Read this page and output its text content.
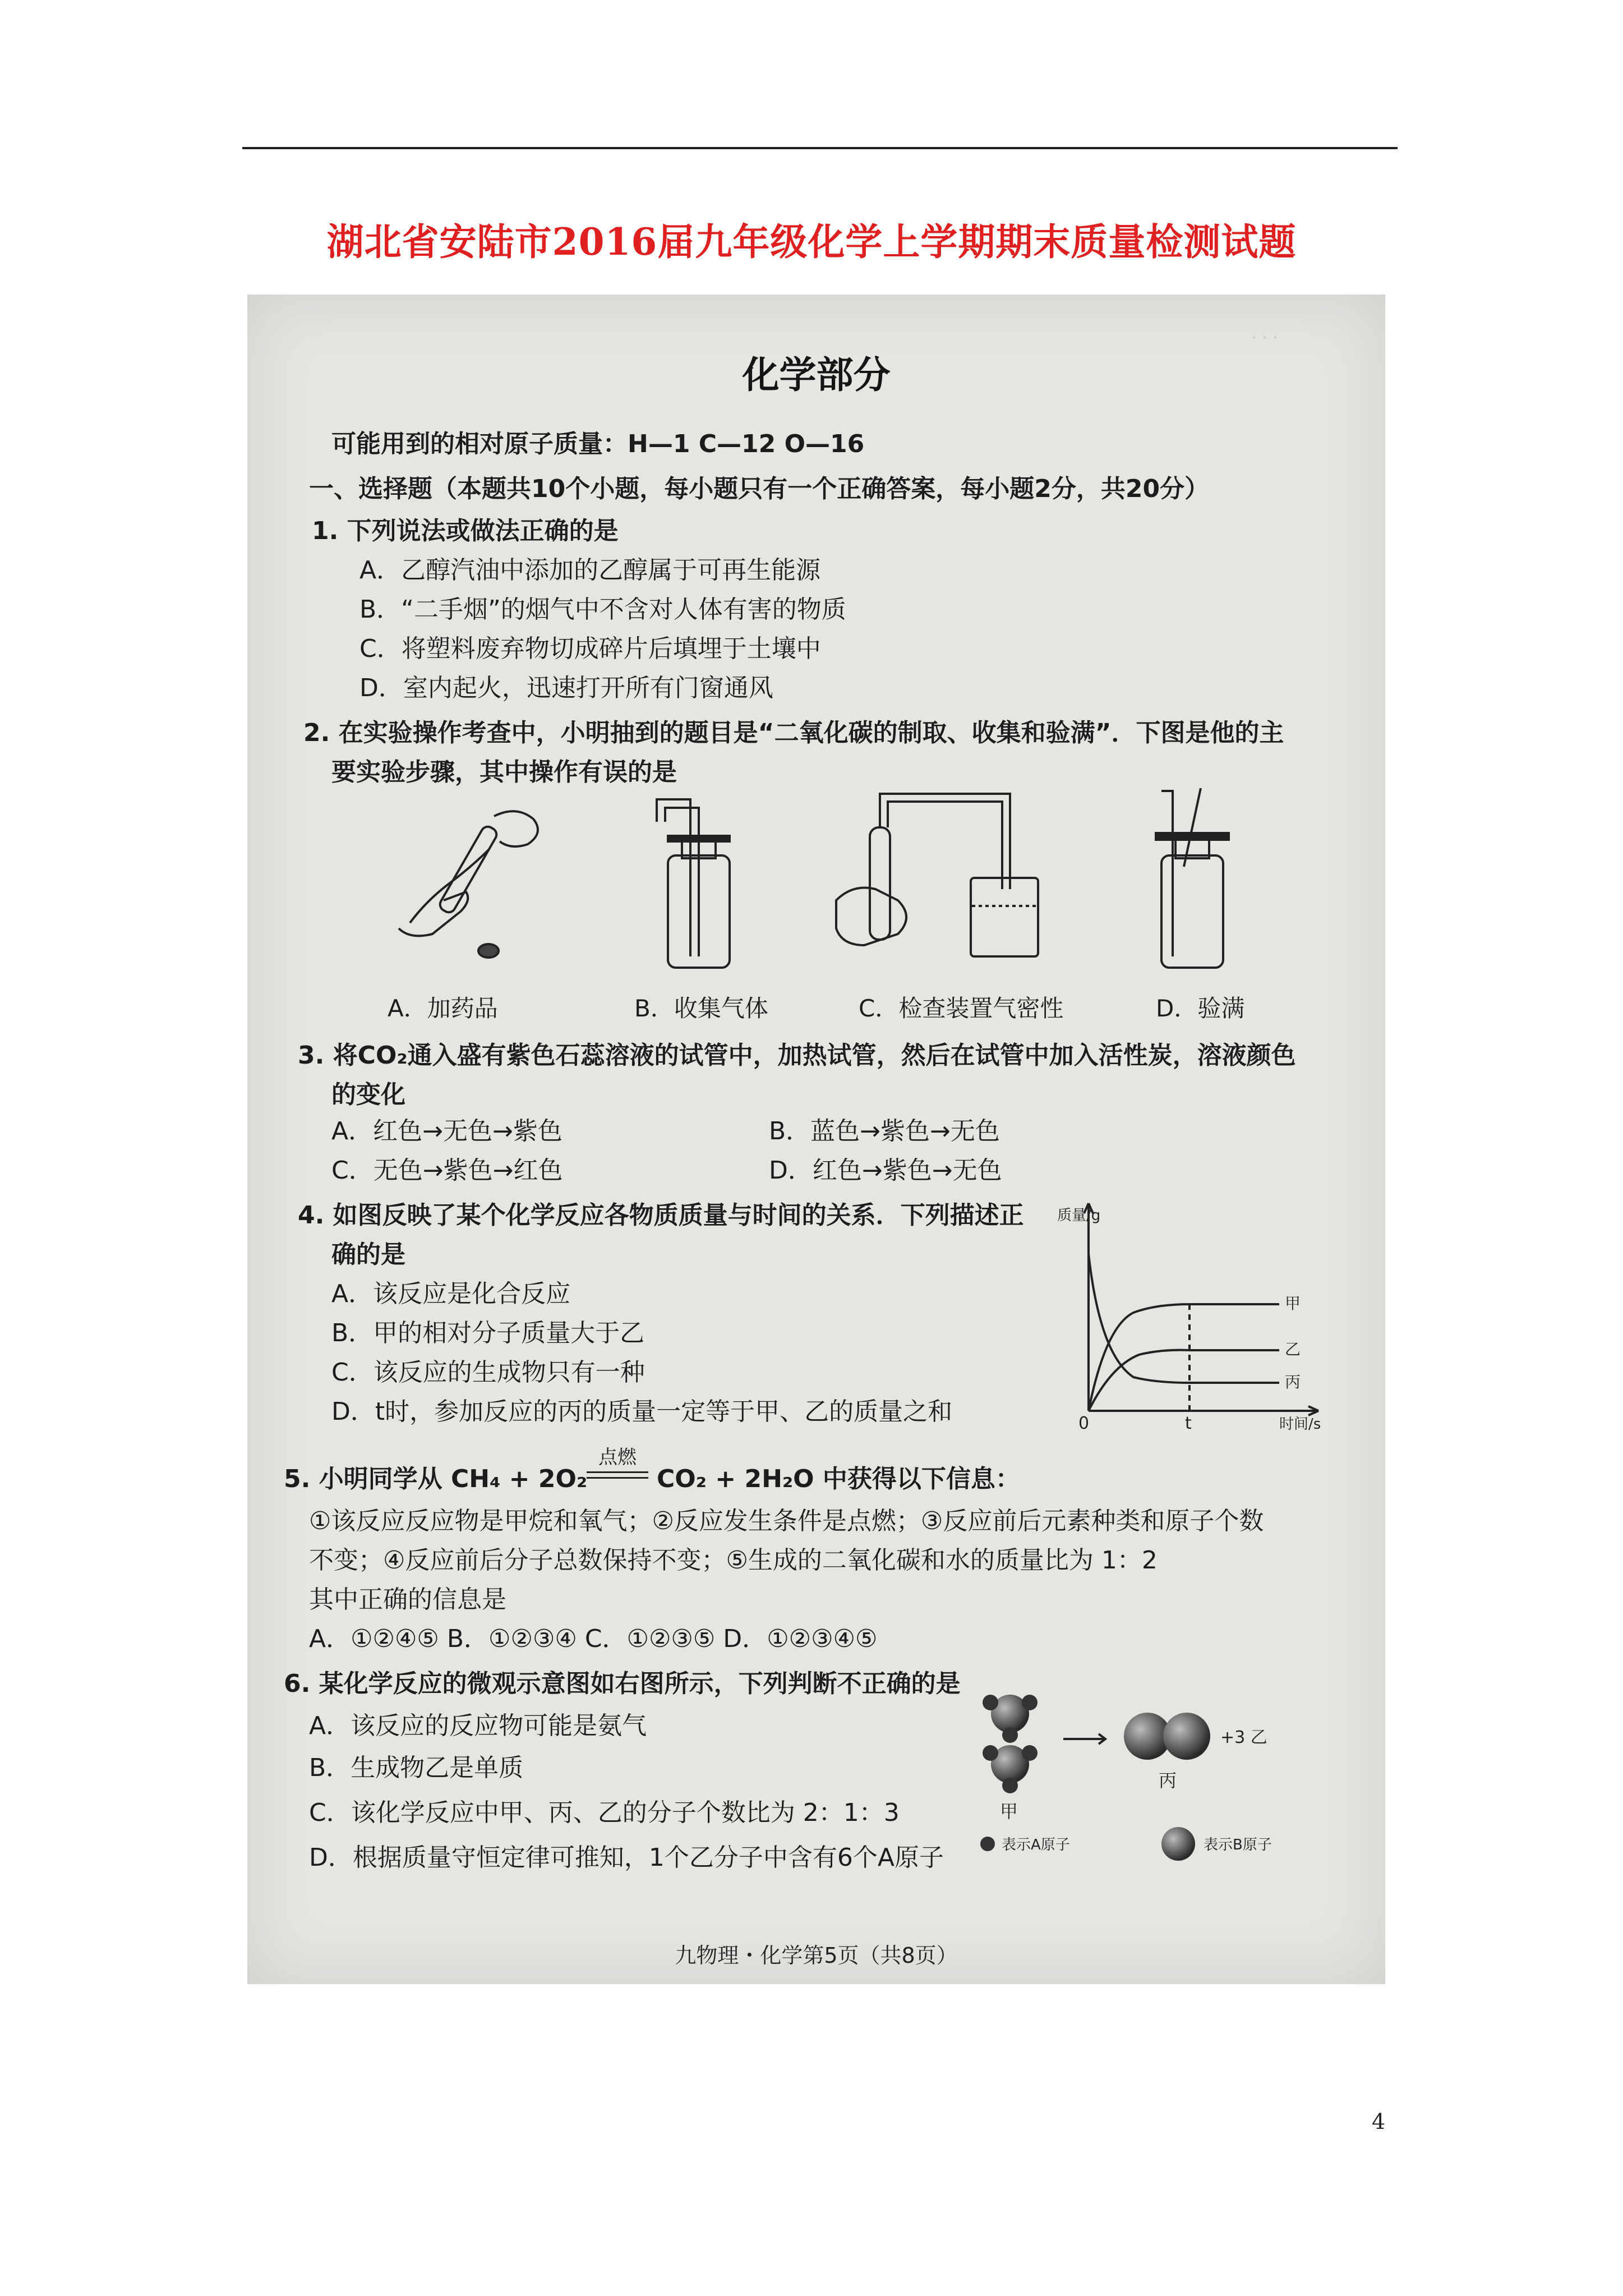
湖北省安陆市2016届九年级化学上学期期末质量检测试题
· · ·
化学部分
可能用到的相对原子质量：H—1 C—12 O—16
一、选择题（本题共10个小题，每小题只有一个正确答案，每小题2分，共20分）
1. 下列说法或做法正确的是
A．乙醇汽油中添加的乙醇属于可再生能源
B．“二手烟”的烟气中不含对人体有害的物质
C．将塑料废弃物切成碎片后填埋于土壤中
D．室内起火，迅速打开所有门窗通风
2. 在实验操作考查中，小明抽到的题目是“二氧化碳的制取、收集和验满”．下图是他的主
要实验步骤，其中操作有误的是
A．加药品	B．收集气体	C．检查装置气密性	D．验满
3. 将CO₂通入盛有紫色石蕊溶液的试管中，加热试管，然后在试管中加入活性炭，溶液颜色
的变化
A．红色→无色→紫色	B．蓝色→紫色→无色
C．无色→紫色→红色	D．红色→紫色→无色
4. 如图反映了某个化学反应各物质质量与时间的关系．下列描述正
确的是
A．该反应是化合反应
B．甲的相对分子质量大于乙
C．该反应的生成物只有一种
D．t时，参加反应的丙的质量一定等于甲、乙的质量之和
质量/g
0	t	时间/s
甲
乙
丙
5. 小明同学从 CH₄ + 2O₂
点燃
CO₂ + 2H₂O 中获得以下信息：
①该反应反应物是甲烷和氧气；②反应发生条件是点燃；③反应前后元素种类和原子个数
不变；④反应前后分子总数保持不变；⑤生成的二氧化碳和水的质量比为 1：2
其中正确的信息是
A．①②④⑤ B．①②③④ C．①②③⑤ D．①②③④⑤
6. 某化学反应的微观示意图如右图所示，下列判断不正确的是
A．该反应的反应物可能是氨气
B．生成物乙是单质
C．该化学反应中甲、丙、乙的分子个数比为 2：1：3
D．根据质量守恒定律可推知，1个乙分子中含有6个A原子
+3 乙
甲
丙
表示A原子	表示B原子
九物理・化学第5页（共8页）
4
